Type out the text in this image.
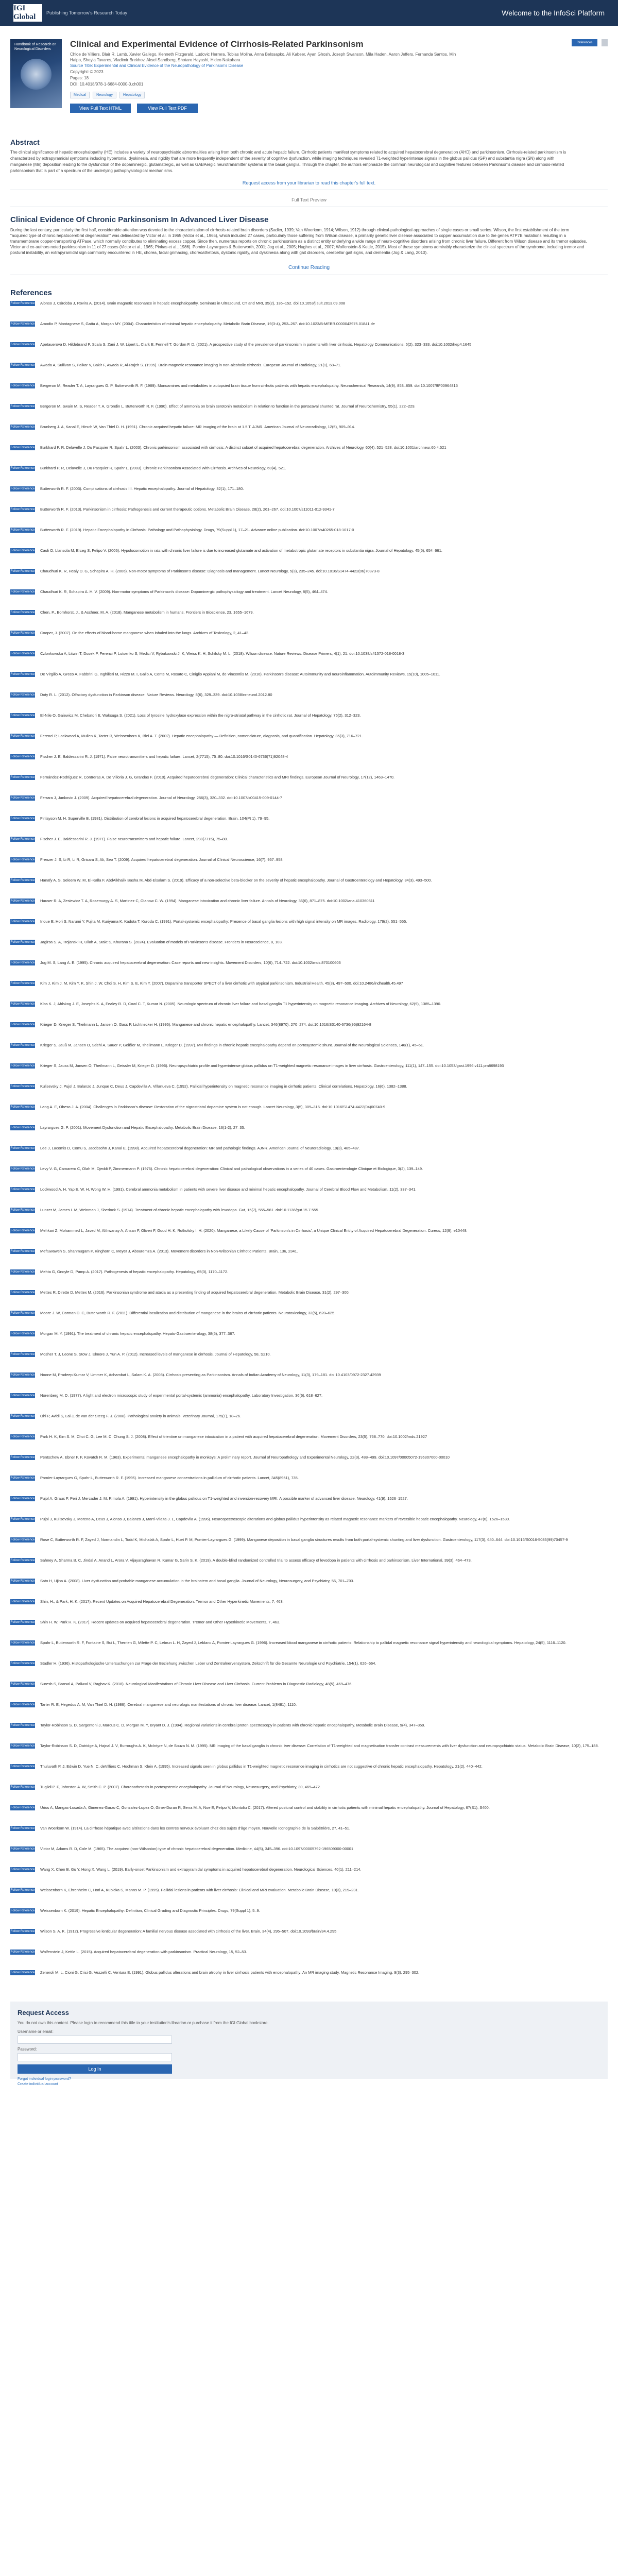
IGI Global
Publishing Tomorrow's Research Today	Welcome to the InfoSci Platform
Handbook of Research on Neurological Disorders
Clinical and Experimental Evidence of Cirrhosis-Related Parkinsonism
Chloe de Villiers, Blair R. Lamb, Xavier Gallego, Kenneth Fitzgerald, Ludovic Herrera, Tobias Molina, Anna Belosapko, Ali Kabeer, Ayan Ghosh, Joseph Swanson, Mila Haden, Aaron Jeffers, Fernanda Santos, Min Haipo, Sheyla Tavares, Vladimir Brekhov, Aksel Sandberg, Shotaro Hayashi, Hideo Nakahara
Source Title: Experimental and Clinical Evidence of the Neuropathology of Parkinson's Disease
Copyright: © 2023
Pages: 18
DOI: 10.4018/978-1-6684-0000-0.ch001
Medical	Neurology	Hepatology
View Full Text HTML	View Full Text PDF
References
Abstract

The clinical significance of hepatic encephalopathy (HE) includes a variety of neuropsychiatric abnormalities arising from both chronic and acute hepatic failure. Cirrhotic patients manifest symptoms related to acquired hepatocerebral degeneration (AHD) and parkinsonism. Cirrhosis-related parkinsonism is characterized by extrapyramidal symptoms including hypertonia, dyskinesia, and rigidity that are more frequently independent of the severity of cognitive dysfunction, while imaging techniques revealed T1-weighted hyperintense signals in the globus pallidus (GP) and substantia nigra (SN) along with manganese (Mn) deposition leading to the dysfunction of the dopaminergic, glutamatergic, as well as GABAergic neurotransmitter systems in the basal ganglia. Through the chapter, the authors emphasize the common neurological and cognitive features between Parkinson's disease and cirrhosis-related parkinsonism that is part of a spectrum of the underlying pathophysiological mechanisms.

Request access from your librarian to read this chapter's full text.
Full Text Preview
Clinical Evidence Of Chronic Parkinsonism In Advanced Liver Disease

During the last century, particularly the first half, considerable attention was devoted to the characterization of cirrhosis-related brain disorders (Sadler, 1939; Van Woerkom, 1914; Wilson, 1912) through clinical-pathological approaches of single cases or small series. Wilson, the first establishment of the term "acquired type of chronic hepatocerebral degeneration" was delineated by Victor et al. in 1965 (Victor et al., 1965), which included 27 cases, particularly those suffering from Wilson disease, a primarily genetic liver disease associated to copper accumulation due to the genes ATP7B mutations resulting in a transmembrane copper-transporting ATPase, which normally contributes to eliminating excess copper. Since then, numerous reports on chronic parkinsonism as a distinct entity underlying a wide range of neuro-cognitive disorders arising from chronic liver failure. Different from Wilson disease and its tremor episodes, Victor and co-authors noted parkinsonism in 11 of 27 cases (Victor et al., 1965; Pinkas et al., 1986). Pomier-Layrargues & Butterworth, 2001; Jog et al., 2005; Hughes et al., 2007; Wolfenstein & Kettle, 2015). Most of these symptoms admirably characterize the clinical spectrum of the syndrome, including tremor and postural instability, an extrapyramidal sign commonly encountered in HE, chorea, facial grimacing, choreoathetosis, dystonic rigidity, and dyskinesia along with gait disorders, cerebellar gait signs, and dementia (Jog & Lang, 2010).

Continue Reading
References
Follow Reference Alonso J, Córdoba J, Rovira A. (2014). Brain magnetic resonance in hepatic encephalopathy. Seminars in Ultrasound, CT and MRI, 35(2), 136–152. doi:10.1053/j.sult.2013.09.008
Follow Reference Amodio P, Montagnese S, Gatta A, Morgan MY. (2004). Characteristics of minimal hepatic encephalopathy. Metabolic Brain Disease, 19(3-4), 253–267. doi:10.1023/B:MEBR.0000043975.01841.de
Follow Reference Apetauerova D, Hildebrand P, Scala S, Zani J. W, Lipert L, Clark E, Fennell T, Gordon F. D. (2021). A prospective study of the prevalence of parkinsonism in patients with liver cirrhosis. Hepatology Communications, 5(2), 323–333. doi:10.1002/hep4.1645
Follow Reference Awada A, Sullivan S, Palkar V, Bakir F, Awada R, Al-Rajeh S. (1995). Brain magnetic resonance imaging in non-alcoholic cirrhosis. European Journal of Radiology, 21(1), 68–71.
Follow Reference Bergeron M, Reader T. A, Layrargues G. P, Butterworth R. F. (1989). Monoamines and metabolites in autopsied brain tissue from cirrhotic patients with hepatic encephalopathy. Neurochemical Research, 14(9), 853–859. doi:10.1007/BF00964815
Follow Reference Bergeron M, Swain M. S, Reader T. A, Grondin L, Butterworth R. F. (1990). Effect of ammonia on brain serotonin metabolism in relation to function in the portacaval shunted rat. Journal of Neurochemistry, 55(1), 222–229.
Follow Reference Brunberg J. A, Kanal E, Hirsch W, Van Thiel D. H. (1991). Chronic acquired hepatic failure: MR imaging of the brain at 1.5 T. AJNR. American Journal of Neuroradiology, 12(5), 909–914.
Follow Reference Burkhard P. R, Delavelle J, Du Pasquier R, Spahr L. (2003). Chronic parkinsonism associated with cirrhosis: A distinct subset of acquired hepatocerebral degeneration. Archives of Neurology, 60(4), 521–528. doi:10.1001/archneur.60.4.521
Follow Reference Burkhard P. R, Delavelle J, Du Pasquier R, Spahr L. (2003). Chronic Parkinsonism Associated With Cirrhosis. Archives of Neurology, 60(4), 521.
Follow Reference Butterworth R. F. (2003). Complications of cirrhosis III. Hepatic encephalopathy. Journal of Hepatology, 32(1), 171–180.
Follow Reference Butterworth R. F. (2013). Parkinsonism in cirrhosis: Pathogenesis and current therapeutic options. Metabolic Brain Disease, 28(2), 261–267. doi:10.1007/s11011-012-9341-7
Follow Reference Butterworth R. F. (2019). Hepatic Encephalopathy in Cirrhosis: Pathology and Pathophysiology. Drugs, 79(Suppl 1), 17–21. Advance online publication. doi:10.1007/s40265-018-1017-0
Follow Reference Cauli O, Llansola M, Erceg S, Felipo V. (2006). Hypolocomotion in rats with chronic liver failure is due to increased glutamate and activation of metabotropic glutamate receptors in substantia nigra. Journal of Hepatology, 45(5), 654–661.
Follow Reference Chaudhuri K. R, Healy D. G, Schapira A. H. (2006). Non-motor symptoms of Parkinson's disease: Diagnosis and management. Lancet Neurology, 5(3), 235–245. doi:10.1016/S1474-4422(06)70373-8
Follow Reference Chaudhuri K. R, Schapira A. H. V. (2009). Non-motor symptoms of Parkinson's disease: Dopaminergic pathophysiology and treatment. Lancet Neurology, 8(5), 464–474.
Follow Reference Chen, P., Bornhorst, J., & Aschner, M. A. (2018). Manganese metabolism in humans. Frontiers in Bioscience, 23, 1655–1679.
Follow Reference Cooper, J. (2007). On the effects of blood-borne manganese when inhaled into the lungs. Archives of Toxicology, 2, 41–42.
Follow Reference Czlonkowska A, Litwin T, Dusek P, Ferenci P, Lutsenko S, Medici V, Rybakowski J. K, Weiss K. H, Schilsky M. L. (2018). Wilson disease. Nature Reviews. Disease Primers, 4(1), 21. doi:10.1038/s41572-018-0018-3
Follow Reference De Virgilio A, Greco A, Fabbrini G, Inghilleri M, Rizzo M. I, Gallo A, Conte M, Rosato C, Ciniglio Appiani M, de Vincentiis M. (2016). Parkinson's disease: Autoimmunity and neuroinflammation. Autoimmunity Reviews, 15(10), 1005–1011.
Follow Reference Doty R. L. (2012). Olfactory dysfunction in Parkinson disease. Nature Reviews. Neurology, 8(6), 329–339. doi:10.1038/nrneurol.2012.80
Follow Reference El-Nile O, Gaiewicz M, Chebatori E, Waksuga S. (2021). Loss of tyrosine hydroxylase expression within the nigro-striatal pathway in the cirrhotic rat. Journal of Hepatology, 75(2), 312–323.
Follow Reference Ferenci P, Lockwood A, Mullen K, Tarter R, Weissenborn K, Blei A. T. (2002). Hepatic encephalopathy — Definition, nomenclature, diagnosis, and quantification. Hepatology, 35(3), 716–721.
Follow Reference Fischer J. E, Baldessarini R. J. (1971). False neurotransmitters and hepatic failure. Lancet, 2(7715), 75–80. doi:10.1016/S0140-6736(71)92048-4
Follow Reference Fernández-Rodríguez R, Contreras A, De Villoria J. G, Grandas F. (2010). Acquired hepatocerebral degeneration: Clinical characteristics and MRI findings. European Journal of Neurology, 17(12), 1463–1470.
Follow Reference Ferrara J, Jankovic J. (2009). Acquired hepatocerebral degeneration. Journal of Neurology, 256(3), 320–332. doi:10.1007/s00415-009-0144-7
Follow Reference Finlayson M. H, Superville B. (1981). Distribution of cerebral lesions in acquired hepatocerebral degeneration. Brain, 104(Pt 1), 79–95.
Follow Reference Fischer J. E, Baldessarini R. J. (1971). False neurotransmitters and hepatic failure. Lancet, 298(7715), 75–80.
Follow Reference Frenzer J. S, Li R, Li R, Grisaru S, Ali, Seo T. (2009). Acquired hepatocerebral degeneration. Journal of Clinical Neuroscience, 16(7), 957–958.
Follow Reference Hanafy A. S, Seleem W. M, El-Kalla F, AbdAlkhalik Basha M, Abd-Elsalam S. (2019). Efficacy of a non-selective beta-blocker on the severity of hepatic encephalopathy. Journal of Gastroenterology and Hepatology, 34(3), 493–500.
Follow Reference Hauser R. A, Zesiewicz T. A, Rosemurgy A. S, Martinez C, Olanow C. W. (1994). Manganese intoxication and chronic liver failure. Annals of Neurology, 36(6), 871–875. doi:10.1002/ana.410360611
Follow Reference Inoue E, Hori S, Narumi Y, Fujita M, Kuriyama K, Kadota T, Kuroda C. (1991). Portal-systemic encephalopathy: Presence of basal ganglia lesions with high signal intensity on MR images. Radiology, 179(2), 551–555.
Follow Reference Jagirsa S. A, Trojanski H, Ullah A, Stakt S, Khurana S. (2024). Evaluation of models of Parkinson's disease. Frontiers in Neuroscience, 8, 103.
Follow Reference Jog M. S, Lang A. E. (1995). Chronic acquired hepatocerebral degeneration: Case reports and new insights. Movement Disorders, 10(6), 714–722. doi:10.1002/mds.870100603
Follow Reference Kim J, Kim J. M, Kim Y. K, Shin J. W, Choi S. H, Kim S. E, Kim Y. (2007). Dopamine transporter SPECT of a liver cirrhotic with atypical parkinsonism. Industrial Health, 45(3), 497–500. doi:10.2486/indhealth.45.497
Follow Reference Klos K. J, Ahlskog J. E, Josephs K. A, Fealey R. D, Cowl C. T, Kumar N. (2005). Neurologic spectrum of chronic liver failure and basal ganglia T1 hyperintensity on magnetic resonance imaging. Archives of Neurology, 62(9), 1385–1390.
Follow Reference Krieger D, Krieger S, Theilmann L, Jansen O, Gass P, Lichtnecker H. (1995). Manganese and chronic hepatic encephalopathy. Lancet, 346(8970), 270–274. doi:10.1016/S0140-6736(95)92164-8
Follow Reference Krieger S, Jauß M, Jansen O, Stiehl A, Sauer P, Geißler M, Theilmann L, Krieger D. (1997). MR findings in chronic hepatic encephalopathy depend on portosystemic shunt. Journal of the Neurological Sciences, 146(1), 45–51.
Follow Reference Krieger S, Jauss M, Jansen O, Theilmann L, Geissler M, Krieger D. (1996). Neuropsychiatric profile and hyperintense globus pallidus on T1-weighted magnetic resonance images in liver cirrhosis. Gastroenterology, 111(1), 147–155. doi:10.1053/gast.1996.v111.pm8698193
Follow Reference Kulisevsky J, Pujol J, Balanzo J, Junque C, Deus J, Capdevilla A, Villanueva C. (1992). Pallidal hyperintensity on magnetic resonance imaging in cirrhotic patients: Clinical correlations. Hepatology, 16(6), 1382–1388.
Follow Reference Lang A. E, Obeso J. A. (2004). Challenges in Parkinson's disease: Restoration of the nigrostriatal dopamine system is not enough. Lancet Neurology, 3(5), 309–316. doi:10.1016/S1474-4422(04)00740-9
Follow Reference Layrargues G. P. (2001). Movement Dysfunction and Hepatic Encephalopathy. Metabolic Brain Disease, 16(1-2), 27–35.
Follow Reference Lee J, Lacomis D, Comu S, Jacobsohn J, Kanal E. (1998). Acquired hepatocerebral degeneration: MR and pathologic findings. AJNR. American Journal of Neuroradiology, 19(3), 485–487.
Follow Reference Levy V. G, Camarero C, Olah M, Djeddi P, Zimmermann P. (1976). Chronic hepatocerebral degeneration: Clinical and pathological observations in a series of 40 cases. Gastroenterologie Clinique et Biologique, 3(2), 139–149.
Follow Reference Lockwood A. H, Yap E. W. H, Wong W. H. (1991). Cerebral ammonia metabolism in patients with severe liver disease and minimal hepatic encephalopathy. Journal of Cerebral Blood Flow and Metabolism, 11(2), 337–341.
Follow Reference Lunzer M, James I. M, Weinman J, Sherlock S. (1974). Treatment of chronic hepatic encephalopathy with levodopa. Gut, 15(7), 555–561. doi:10.1136/gut.15.7.555
Follow Reference Mehkari Z, Mohammed L, Javed M, Althwanay A, Ahsan F, Oliveri F, Goud H. K, Rutkofsky I. H. (2020). Manganese, a Likely Cause of 'Parkinson's in Cirrhosis', a Unique Clinical Entity of Acquired Hepatocerebral Degeneration. Cureus, 12(9), e10448.
Follow Reference Meftuwaweh S, Shanmugam P, Kinghorn C, Meyer J, Abouremza A. (2013). Movement disorders in Non-Wilsonian Cirrhotic Patients. Brain, 136, 2341.
Follow Reference Mehta G, Gnoyle D, Pamp A. (2017). Pathogenesis of hepatic encephalopathy. Hepatology, 65(3), 1170–1172.
Follow Reference Mettes R, Dirette D, Mettex M. (2016). Parkinsonian syndrome and ataxia as a presenting finding of acquired hepatocerebral degeneration. Metabolic Brain Disease, 31(2), 297–300.
Follow Reference Moore J. W, Dorman D. C, Butterworth R. F. (2011). Differential localization and distribution of manganese in the brains of cirrhotic patients. Neurotoxicology, 32(5), 620–625.
Follow Reference Morgan M. Y. (1991). The treatment of chronic hepatic encephalopathy. Hepato-Gastroenterology, 38(5), 377–387.
Follow Reference Mosher T. J, Leone S, Stow J, Elmore J, Yun A. P. (2012). Increased levels of manganese in cirrhosis. Journal of Hepatology, 58, S210.
Follow Reference Noone M, Pradeep Kumar V, Ummer K, Achambat L, Salam K. A. (2008). Cirrhosis presenting as Parkinsonism. Annals of Indian Academy of Neurology, 11(3), 179–181. doi:10.4103/0972-2327.42939
Follow Reference Norenberg M. D. (1977). A light and electron microscopic study of experimental portal-systemic (ammonia) encephalopathy. Laboratory Investigation, 36(6), 618–627.
Follow Reference Ohl P, Avidi S, Lai J, de van der Steeg F. J. (2008). Pathological anxiety in animals. Veterinary Journal, 175(1), 18–26.
Follow Reference Park H. K, Kim S. M, Choi C. G, Lee M. C, Chung S. J. (2008). Effect of trientine on manganese intoxication in a patient with acquired hepatocerebral degeneration. Movement Disorders, 23(5), 768–770. doi:10.1002/mds.21927
Follow Reference Pentschew A, Ebner F. F, Kovatch R. M. (1963). Experimental manganese encephalopathy in monkeys: A preliminary report. Journal of Neuropathology and Experimental Neurology, 22(3), 488–499. doi:10.1097/00005072-196307000-00010
Follow Reference Pomier-Layrargues G, Spahr L, Butterworth R. F. (1995). Increased manganese concentrations in pallidum of cirrhotic patients. Lancet, 345(8951), 735.
Follow Reference Pujol A, Graus F, Peri J, Mercader J. M, Rimola A. (1991). Hyperintensity in the globus pallidus on T1-weighted and inversion-recovery MRI: A possible marker of advanced liver disease. Neurology, 41(9), 1526–1527.
Follow Reference Pujol J, Kulisevsky J, Moreno A, Deus J, Alonso J, Balanzo J, Martí-Vilalta J. L, Capdevila A. (1996). Neurospectroscopic alterations and globus pallidus hyperintensity as related magnetic resonance markers of reversible hepatic encephalopathy. Neurology, 47(6), 1526–1530.
Follow Reference Rose C, Butterworth R. F, Zayed J, Normandin L, Todd K, Michalak A, Spahr L, Huet P. M, Pomier-Layrargues G. (1999). Manganese deposition in basal ganglia structures results from both portal-systemic shunting and liver dysfunction. Gastroenterology, 117(3), 640–644. doi:10.1016/S0016-5085(99)70457-9
Follow Reference Sahney A, Sharma B. C, Jindal A, Anand L, Arora V, Vijayaraghavan R, Kumar G, Sarin S. K. (2019). A double-blind randomized controlled trial to assess efficacy of levodopa in patients with cirrhosis and parkinsonism. Liver International, 39(3), 464–473.
Follow Reference Sato H, Ujina A. (2008). Liver dysfunction and probable manganese accumulation in the brainstem and basal ganglia. Journal of Neurology, Neurosurgery, and Psychiatry, 56, 701–703.
Follow Reference Shin, H., & Park, H. K. (2017). Recent Updates on Acquired Hepatocerebral Degeneration. Tremor and Other Hyperkinetic Movements, 7, 463.
Follow Reference Shin H. W, Park H. K. (2017). Recent updates on acquired hepatocerebral degeneration. Tremor and Other Hyperkinetic Movements, 7, 463.
Follow Reference Spahr L, Butterworth R. F, Fontaine S, Bui L, Therrien G, Milette P. C, Lebrun L. H, Zayed J, Leblanc A, Pomier-Layrargues G. (1996). Increased blood manganese in cirrhotic patients: Relationship to pallidal magnetic resonance signal hyperintensity and neurological symptoms. Hepatology, 24(5), 1116–1120.
Follow Reference Stadler H. (1936). Histopathologische Untersuchungen zur Frage der Beziehung zwischen Leber und Zentralnervensystem. Zeitschrift für die Gesamte Neurologie und Psychiatrie, 154(1), 626–664.
Follow Reference Suresh S, Bansal A, Paliwal V, Raghav K. (2018). Neurological Manifestations of Chronic Liver Disease and Liver Cirrhosis. Current Problems in Diagnostic Radiology, 48(5), 469–476.
Follow Reference Tarter R. E, Hegedus A. M, Van Thiel D. H. (1986). Cerebral manganese and neurologic manifestations of chronic liver disease. Lancet, 1(8481), 1110.
Follow Reference Taylor-Robinson S. D, Sargentoni J, Marcus C. D, Morgan M. Y, Bryant D. J. (1994). Regional variations in cerebral proton spectroscopy in patients with chronic hepatic encephalopathy. Metabolic Brain Disease, 9(4), 347–359.
Follow Reference Taylor-Robinson S. D, Oatridge A, Hajnal J. V, Burroughs A. K, McIntyre N, de Souza N. M. (1995). MR imaging of the basal ganglia in chronic liver disease: Correlation of T1-weighted and magnetisation transfer contrast measurements with liver dysfunction and neuropsychiatric status. Metabolic Brain Disease, 10(2), 175–188.
Follow Reference Thuluvath P. J, Edwin D, Yue N. C, deVilliers C, Hochman S, Klein A. (1995). Increased signals seen in globus pallidus in T1-weighted magnetic resonance imaging in cirrhotics are not suggestive of chronic hepatic encephalopathy. Hepatology, 21(2), 440–442.
Follow Reference Tuglidi P. F, Johnston A. W, Smith C. P. (2007). Choreoathetosis in portosystemic encephalopathy. Journal of Neurology, Neurosurgery, and Psychiatry, 30, 469–472.
Follow Reference Urios A, Mangas-Losada A, Gimenez-Garzo C, Gonzalez-Lopez O, Giner-Duran R, Serra M. A, Noe E, Felipo V, Montoliu C. (2017). Altered postural control and stability in cirrhotic patients with minimal hepatic encephalopathy. Journal of Hepatology, 67(S1), S400.
Follow Reference Van Woerkom W. (1914). La cirrhose hépatique avec altérations dans les centres nerveux évoluant chez des sujets d'âge moyen. Nouvelle Iconographie de la Salpêtrière, 27, 41–51.
Follow Reference Victor M, Adams R. D, Cole M. (1965). The acquired (non-Wilsonian) type of chronic hepatocerebral degeneration. Medicine, 44(5), 345–396. doi:10.1097/00005792-196509000-00001
Follow Reference Wang X, Chen B, Gu Y, Hong X, Wang L. (2019). Early-onset Parkinsonism and extrapyramidal symptoms in acquired hepatocerebral degeneration. Neurological Sciences, 40(1), 211–214.
Follow Reference Weissenborn K, Ehrenheim C, Hori A, Kubicka S, Manns M. P. (1995). Pallidal lesions in patients with liver cirrhosis: Clinical and MRI evaluation. Metabolic Brain Disease, 10(3), 219–231.
Follow Reference Weissenborn K. (2019). Hepatic Encephalopathy: Definition, Clinical Grading and Diagnostic Principles. Drugs, 79(Suppl 1), 5–9.
Follow Reference Wilson S. A. K. (1912). Progressive lenticular degeneration: A familial nervous disease associated with cirrhosis of the liver. Brain, 34(4), 295–507. doi:10.1093/brain/34.4.295
Follow Reference Wolfenstein J, Kettle L. (2015). Acquired hepatocerebral degeneration with parkinsonism. Practical Neurology, 15, 52–53.
Follow Reference Zeneroli M. L, Cioni G, Crisi G, Vezzelli C, Ventura E. (1991). Globus pallidus alterations and brain atrophy in liver cirrhosis patients with encephalopathy: An MR imaging study. Magnetic Resonance Imaging, 9(3), 295–302.
Request Access

You do not own this content. Please login to recommend this title to your institution's librarian or purchase it from the IGI Global bookstore.

Username or email:
Password:
Log In
Forgot individual login password?
Create individual account
